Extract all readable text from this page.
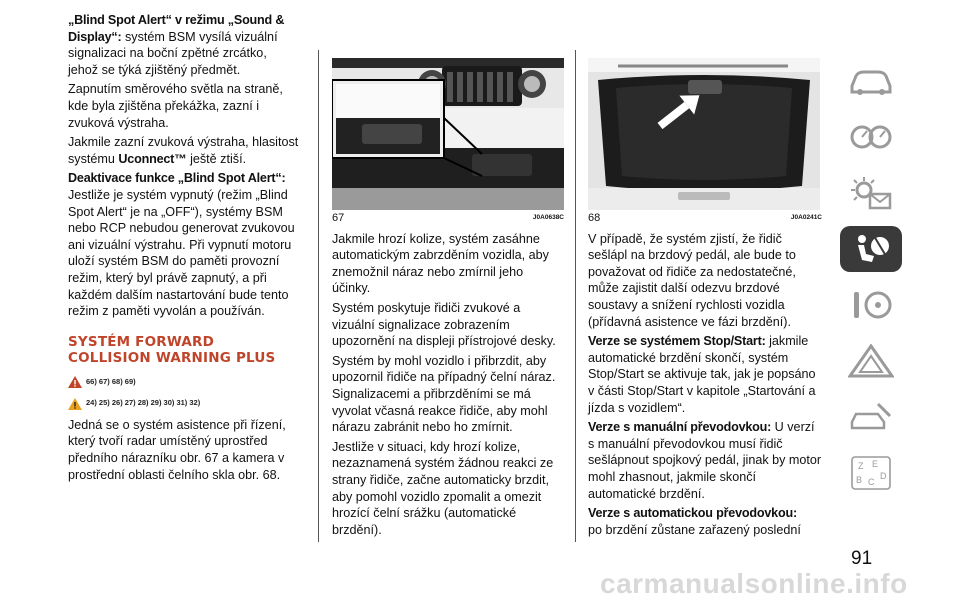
„Blind Spot Alert“ v režimu „Sound & Display“: systém BSM vysílá vizuální signalizaci na boční zpětné zrcátko, jehož se týká zjištěný předmět.

Zapnutím směrového světla na straně, kde byla zjištěna překážka, zazní i zvuková výstraha.

Jakmile zazní zvuková výstraha, hlasitost systému Uconnect™ ještě ztiší.

Deaktivace funkce „Blind Spot Alert“:
Jestliže je systém vypnutý (režim „Blind Spot Alert“ je na „OFF“), systémy BSM nebo RCP nebudou generovat zvukovou ani vizuální výstrahu. Při vypnutí motoru uloží systém BSM do paměti provozní režim, který byl právě zapnutý, a při každém dalším nastartování bude tento režim z paměti vyvolán a používán.

SYSTÉM FORWARD COLLISION WARNING PLUS
66) 67) 68) 69)
24) 25) 26) 27) 28) 29) 30) 31) 32)

Jedná se o systém asistence při řízení, který tvoří radar umístěný uprostřed předního nárazníku obr. 67 a kamera v prostřední oblasti čelního skla obr. 68.

67	J0A0638C

Jakmile hrozí kolize, systém zasáhne automatickým zabrzděním vozidla, aby znemožnil náraz nebo zmírnil jeho účinky.

Systém poskytuje řidiči zvukové a vizuální signalizace zobrazením upozornění na displeji přístrojové desky.

Systém by mohl vozidlo i přibrzdit, aby upozornil řidiče na případný čelní náraz. Signalizacemi a přibrzděními se má vyvolat včasná reakce řidiče, aby mohl nárazu zabránit nebo ho zmírnit.

Jestliže v situaci, kdy hrozí kolize, nezaznamená systém žádnou reakci ze strany řidiče, začne automaticky brzdit, aby pomohl vozidlo zpomalit a omezit hrozící čelní srážku (automatické brzdění).

68	J0A0241C

V případě, že systém zjistí, že řidič sešlápl na brzdový pedál, ale bude to považovat od řidiče za nedostatečné, může zajistit další odezvu brzdové soustavy a snížení rychlosti vozidla (přídavná asistence ve fázi brzdění).

Verze se systémem Stop/Start: jakmile automatické brzdění skončí, systém Stop/Start se aktivuje tak, jak je popsáno v části Stop/Start v kapitole „Startování a jízda s vozidlem“.

Verze s manuální převodovkou: U verzí s manuální převodovkou musí řidič sešlápnout spojkový pedál, jinak by motor mohl zhasnout, jakmile skončí automatické brzdění.

Verze s automatickou převodovkou:
po brzdění zůstane zařazený poslední

Z E
B C
D
91
carmanualsonline.info
